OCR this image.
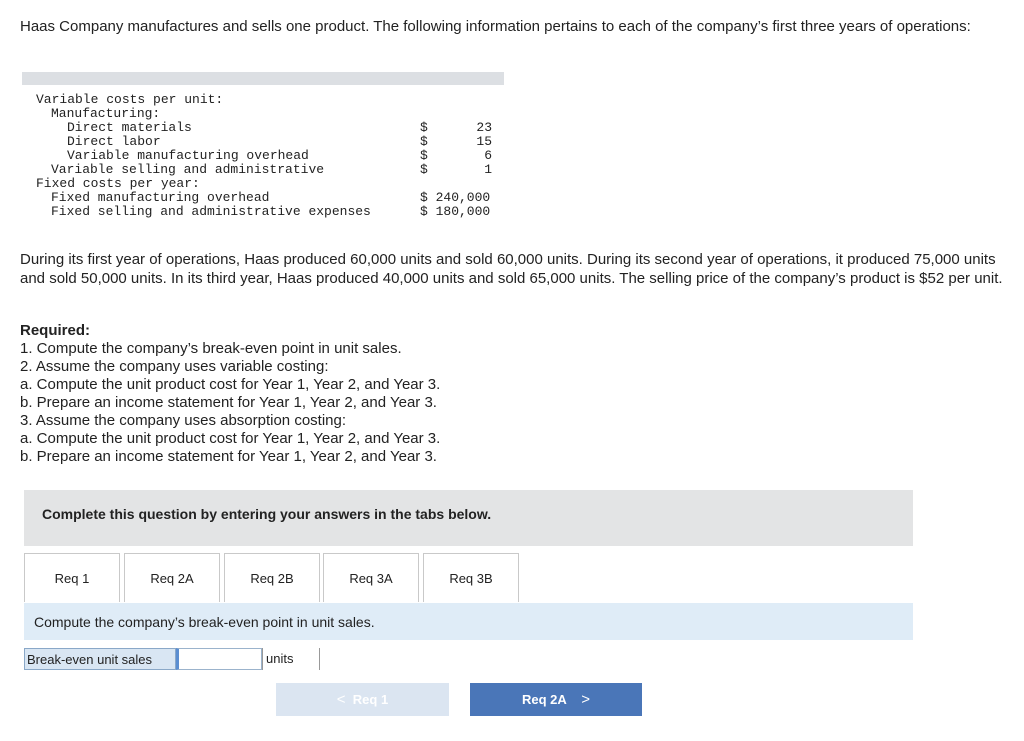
Haas Company manufactures and sells one product. The following information pertains to each of the company’s first three years of operations:
Variable costs per unit:
Manufacturing:
Direct materials	$	23
Direct labor	$	15
Variable manufacturing overhead	$	6
Variable selling and administrative	$	1
Fixed costs per year:
Fixed manufacturing overhead	$ 240,000
Fixed selling and administrative expenses	$ 180,000
During its first year of operations, Haas produced 60,000 units and sold 60,000 units. During its second year of operations, it produced 75,000 units and sold 50,000 units. In its third year, Haas produced 40,000 units and sold 65,000 units. The selling price of the company’s product is $52 per unit.
Required:
1. Compute the company’s break-even point in unit sales.
2. Assume the company uses variable costing:
a. Compute the unit product cost for Year 1, Year 2, and Year 3.
b. Prepare an income statement for Year 1, Year 2, and Year 3.
3. Assume the company uses absorption costing:
a. Compute the unit product cost for Year 1, Year 2, and Year 3.
b. Prepare an income statement for Year 1, Year 2, and Year 3.
Complete this question by entering your answers in the tabs below.
Req 1	Req 2A	Req 2B	Req 3A	Req 3B
Compute the company’s break-even point in unit sales.
Break-even unit sales	units
< Req 1	Req 2A >
